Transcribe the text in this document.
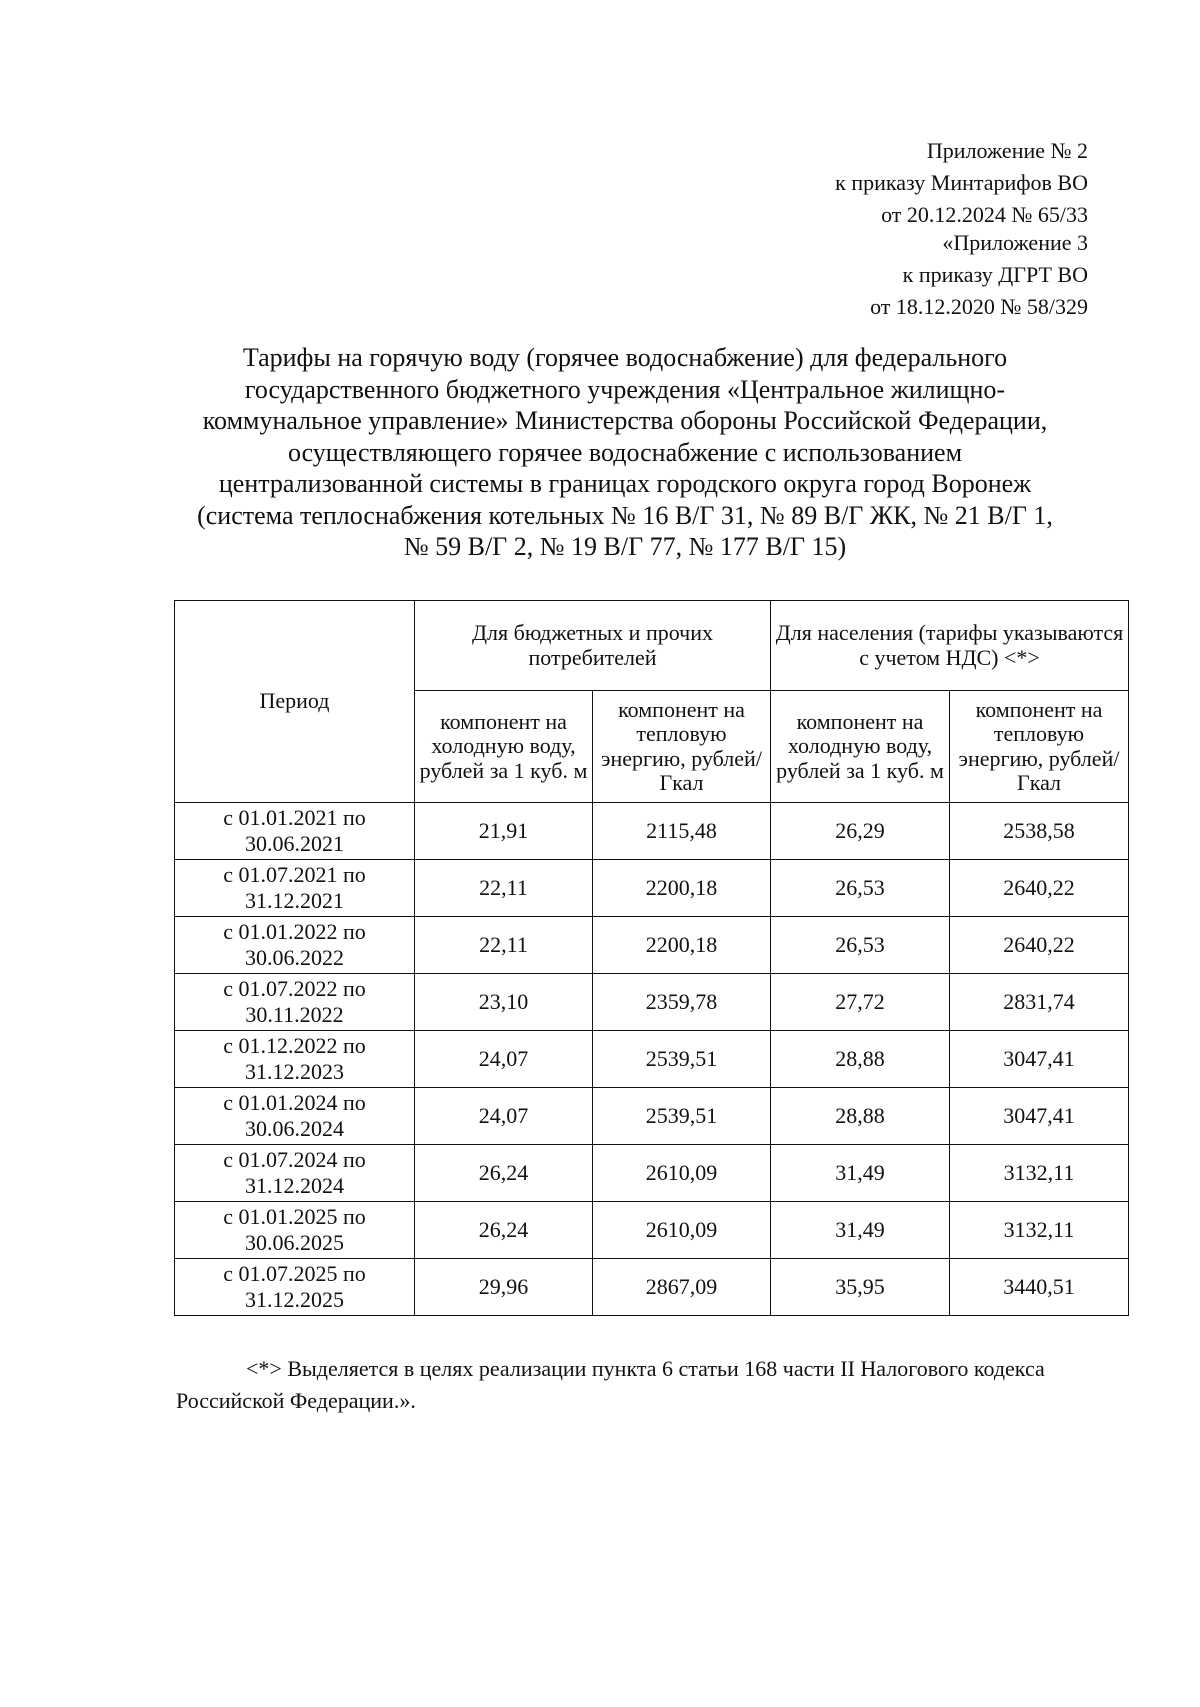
Приложение № 2
к приказу Минтарифов ВО
от 20.12.2024 № 65/33
«Приложение 3
к приказу ДГРТ ВО
от 18.12.2020 № 58/329
Тарифы на горячую воду (горячее водоснабжение) для федерального
государственного бюджетного учреждения «Центральное жилищно-
коммунальное управление» Министерства обороны Российской Федерации,
осуществляющего горячее водоснабжение с использованием
централизованной системы в границах городского округа город Воронеж
(система теплоснабжения котельных № 16 В/Г 31, № 89 В/Г ЖК, № 21 В/Г 1,
№ 59 В/Г 2, № 19 В/Г 77, № 177 В/Г 15)
Период	Для бюджетных и прочих потребителей		Для населения (тарифы указываются с учетом НДС) <*>	
	компонент на холодную воду, рублей за 1 куб. м	компонент на тепловую энергию, рублей/Гкал	компонент на холодную воду, рублей за 1 куб. м	компонент на тепловую энергию, рублей/Гкал

с 01.01.2021 по
30.06.2021	21,91	2115,48	26,29	2538,58

с 01.07.2021 по
31.12.2021	22,11	2200,18	26,53	2640,22

с 01.01.2022 по
30.06.2022	22,11	2200,18	26,53	2640,22

с 01.07.2022 по
30.11.2022	23,10	2359,78	27,72	2831,74

с 01.12.2022 по
31.12.2023	24,07	2539,51	28,88	3047,41

с 01.01.2024 по
30.06.2024	24,07	2539,51	28,88	3047,41

с 01.07.2024 по
31.12.2024	26,24	2610,09	31,49	3132,11

с 01.01.2025 по
30.06.2025	26,24	2610,09	31,49	3132,11

с 01.07.2025 по
31.12.2025	29,96	2867,09	35,95	3440,51
<*> Выделяется в целях реализации пункта 6 статьи 168 части II Налогового кодекса
Российской Федерации.».
